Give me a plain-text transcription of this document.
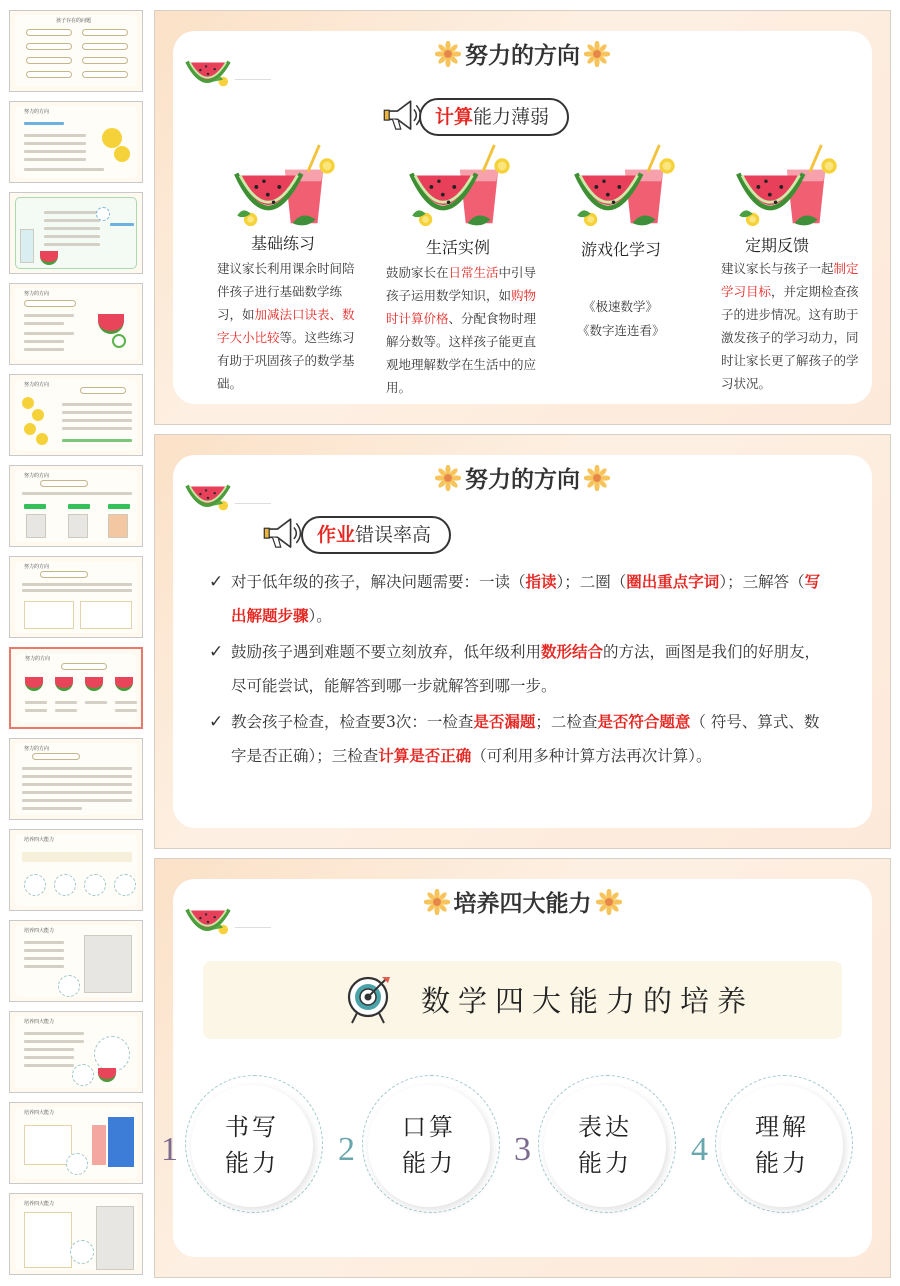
孩子存在的问题
努力的方向
努力的方向
努力的方向
努力的方向
努力的方向
努力的方向
努力的方向
培养四大能力
培养四大能力
培养四大能力
培养四大能力
培养四大能力
努力的方向
计算能力薄弱
基础练习
建议家长利用课余时间陪伴孩子进行基础数学练习，如加减法口诀表、数字大小比较等。这些练习有助于巩固孩子的数学基础。
生活实例
鼓励家长在日常生活中引导孩子运用数学知识，如购物时计算价格、分配食物时理解分数等。这样孩子能更直观地理解数学在生活中的应用。
游戏化学习
《极速数学》
《数字连连看》
定期反馈
建议家长与孩子一起制定学习目标，并定期检查孩子的进步情况。这有助于激发孩子的学习动力，同时让家长更了解孩子的学习状况。
努力的方向
作业错误率高
✓ 对于低年级的孩子，解决问题需要：一读（指读）；二圈（圈出重点字词）；三解答（写出解题步骤）。
✓ 鼓励孩子遇到难题不要立刻放弃，低年级利用数形结合的方法，画图是我们的好朋友，尽可能尝试，能解答到哪一步就解答到哪一步。
✓ 教会孩子检查，检查要3次：一检查是否漏题；二检查是否符合题意（ 符号、算式、数字是否正确）；三检查计算是否正确（可利用多种计算方法再次计算）。
培养四大能力
数学四大能力的培养
1
书写
能力	2
口算
能力	3
表达
能力	4
理解
能力
